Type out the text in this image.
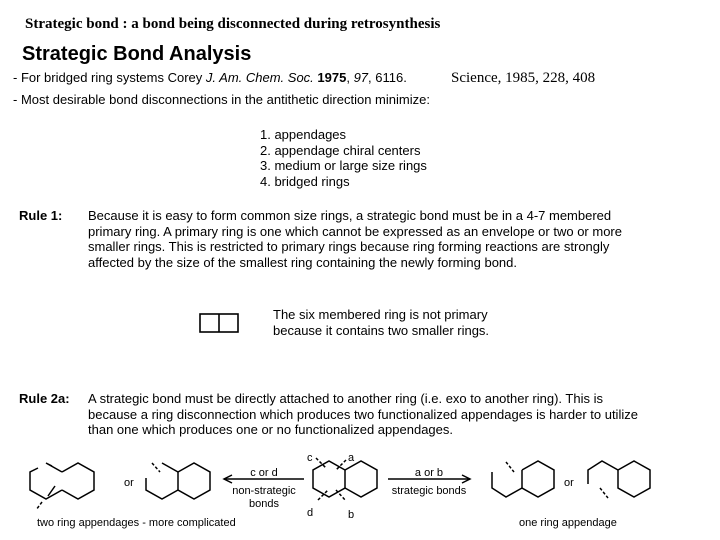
Strategic bond : a bond being disconnected during retrosynthesis
Strategic Bond Analysis
- For bridged ring systems Corey J. Am. Chem. Soc. 1975, 97, 6116.	Science, 1985, 228, 408
- Most desirable bond disconnections in the antithetic direction minimize:
1. appendages
2. appendage chiral centers
3. medium or large size rings
4. bridged rings
Rule 1: Because it is easy to form common size rings, a strategic bond must be in a 4-7 membered primary ring. A primary ring is one which cannot be expressed as an envelope or two or more smaller rings. This is restricted to primary rings because ring forming reactions are strongly affected by the size of the smallest ring containing the newly forming bond.
The six membered ring is not primary
because it contains two smaller rings.
Rule 2a: A strategic bond must be directly attached to another ring (i.e. exo to another ring). This is because a ring disconnection which produces two functionalized appendages is harder to utilize than one which produces one or no functionalized appendages.
or	or
c or d
non-strategic
bonds
a or b
strategic bonds
c	a
d	b
two ring appendages - more complicated	one ring appendage
